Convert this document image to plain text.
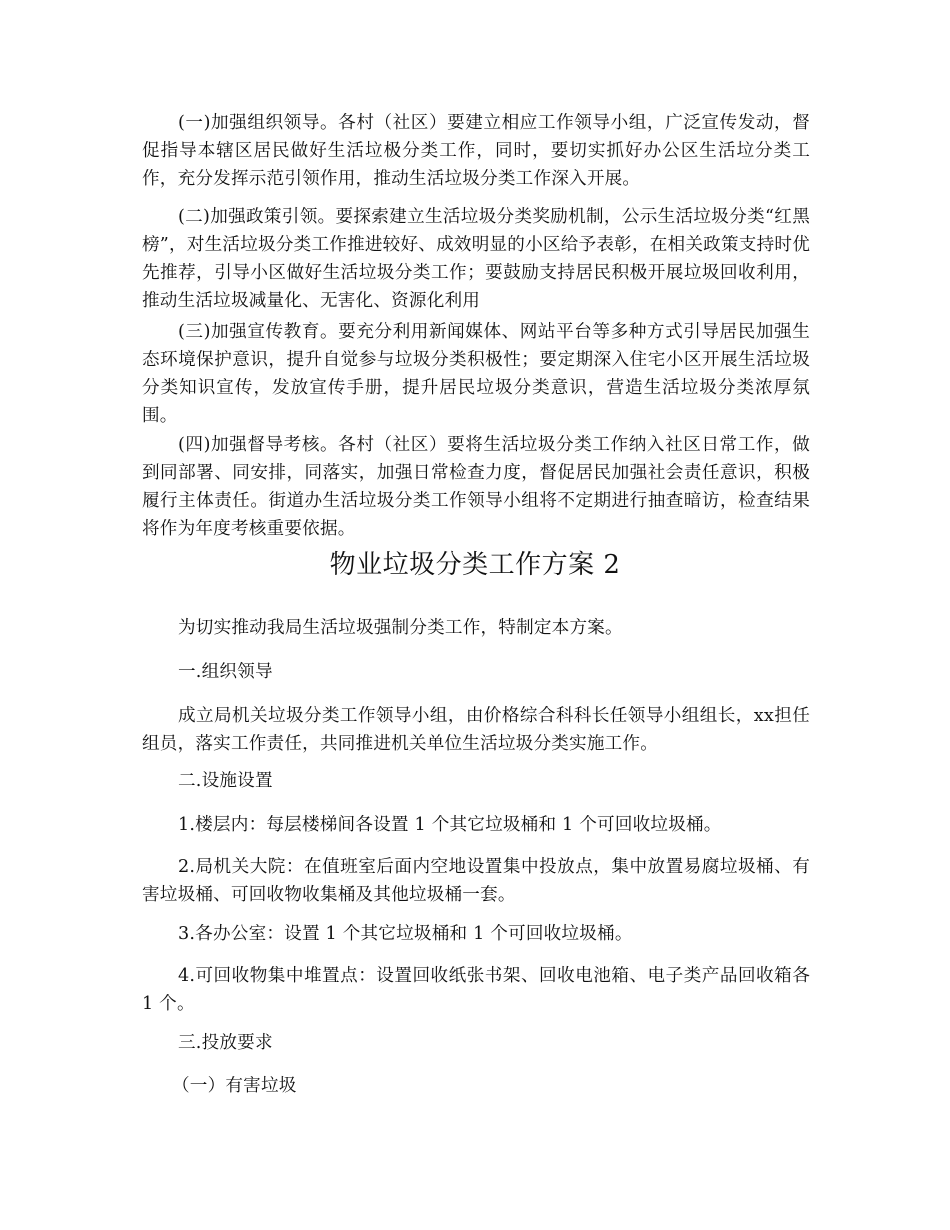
(一)加强组织领导。各村（社区）要建立相应工作领导小组，广泛宣传发动，督促指导本辖区居民做好生活垃极分类工作，同时，要切实抓好办公区生活垃分类工作，充分发挥示范引领作用，推动生活垃圾分类工作深入开展。

(二)加强政策引领。要探索建立生活垃圾分类奖励机制，公示生活垃圾分类“红黑榜”，对生活垃圾分类工作推进较好、成效明显的小区给予表彰，在相关政策支持时优先推荐，引导小区做好生活垃圾分类工作；要鼓励支持居民积极开展垃圾回收利用，推动生活垃圾减量化、无害化、资源化利用

(三)加强宣传教育。要充分利用新闻媒体、网站平台等多种方式引导居民加强生态环境保护意识，提升自觉参与垃圾分类积极性；要定期深入住宅小区开展生活垃圾分类知识宣传，发放宣传手册，提升居民垃圾分类意识，营造生活垃圾分类浓厚氛围。

(四)加强督导考核。各村（社区）要将生活垃圾分类工作纳入社区日常工作，做到同部署、同安排，同落实，加强日常检查力度，督促居民加强社会责任意识，积极履行主体责任。街道办生活垃圾分类工作领导小组将不定期进行抽查暗访，检查结果将作为年度考核重要依据。

物业垃圾分类工作方案 2

为切实推动我局生活垃圾强制分类工作，特制定本方案。

一.组织领导

成立局机关垃圾分类工作领导小组，由价格综合科科长任领导小组组长，xx担任组员，落实工作责任，共同推进机关单位生活垃圾分类实施工作。

二.设施设置

1.楼层内：每层楼梯间各设置 1 个其它垃圾桶和 1 个可回收垃圾桶。

2.局机关大院：在值班室后面内空地设置集中投放点，集中放置易腐垃圾桶、有害垃圾桶、可回收物收集桶及其他垃圾桶一套。

3.各办公室：设置 1 个其它垃圾桶和 1 个可回收垃圾桶。

4.可回收物集中堆置点：设置回收纸张书架、回收电池箱、电子类产品回收箱各 1 个。

三.投放要求

（一）有害垃圾
